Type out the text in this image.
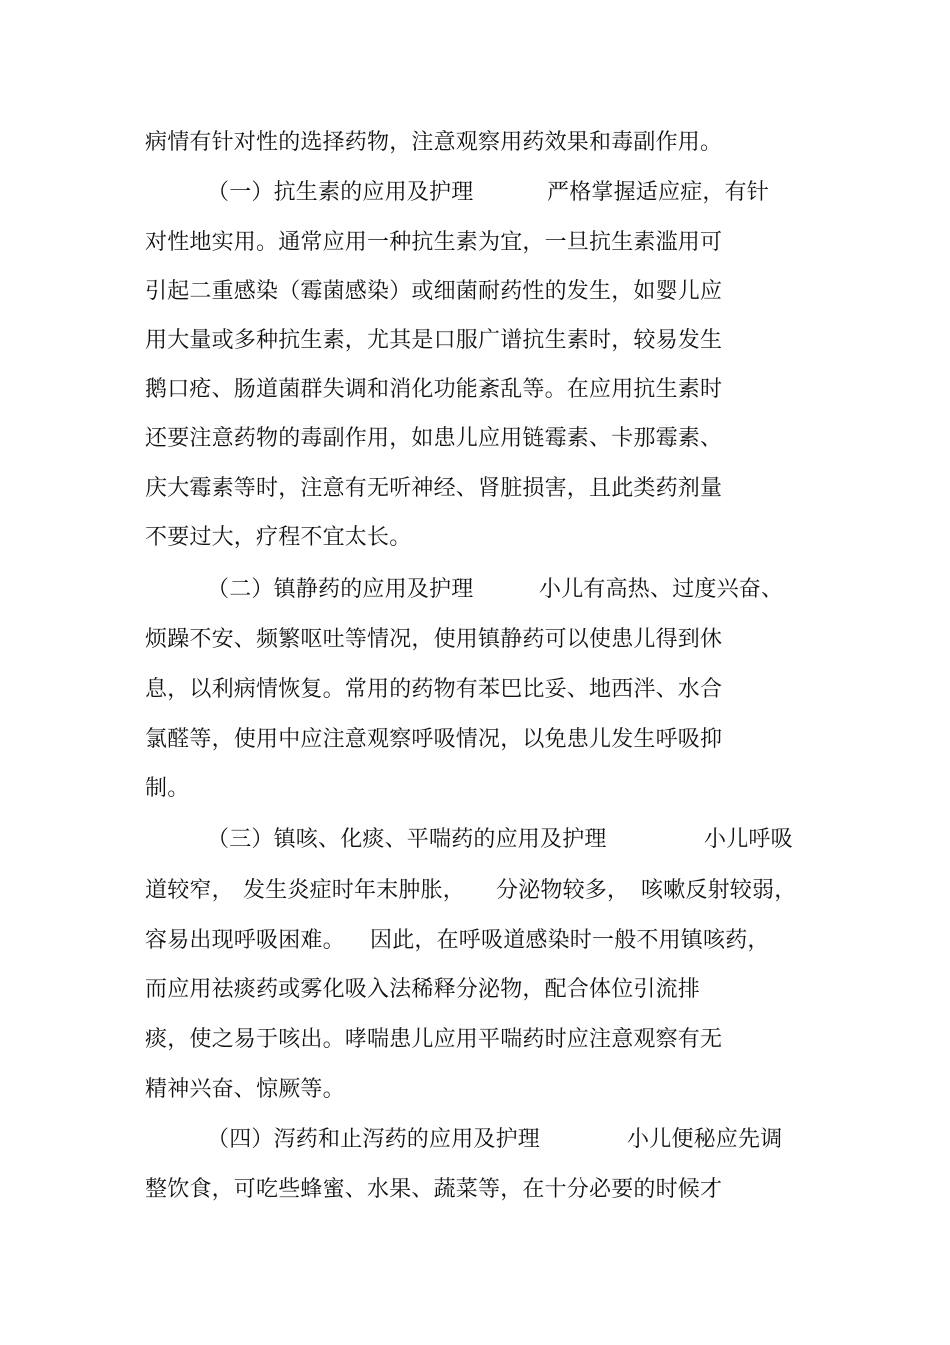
病情有针对性的选择药物，注意观察用药效果和毒副作用。
（一）抗生素的应用及护理	严格掌握适应症，有针
对性地实用。通常应用一种抗生素为宜，一旦抗生素滥用可
引起二重感染（霉菌感染）或细菌耐药性的发生，如婴儿应
用大量或多种抗生素，尤其是口服广谱抗生素时，较易发生
鹅口疮、肠道菌群失调和消化功能紊乱等。在应用抗生素时
还要注意药物的毒副作用，如患儿应用链霉素、卡那霉素、
庆大霉素等时，注意有无听神经、肾脏损害，且此类药剂量
不要过大，疗程不宜太长。
（二）镇静药的应用及护理	小儿有高热、过度兴奋、
烦躁不安、频繁呕吐等情况，使用镇静药可以使患儿得到休
息，以利病情恢复。常用的药物有苯巴比妥、地西泮、水合
氯醛等，使用中应注意观察呼吸情况，以免患儿发生呼吸抑
制。
（三）镇咳、化痰、平喘药的应用及护理	小儿呼吸
道较窄， 发生炎症时年末肿胀， 分泌物较多， 咳嗽反射较弱，
容易出现呼吸困难。 因此，在呼吸道感染时一般不用镇咳药，
而应用祛痰药或雾化吸入法稀释分泌物，配合体位引流排
痰，使之易于咳出。哮喘患儿应用平喘药时应注意观察有无
精神兴奋、惊厥等。
（四）泻药和止泻药的应用及护理	小儿便秘应先调
整饮食，可吃些蜂蜜、水果、蔬菜等，在十分必要的时候才
